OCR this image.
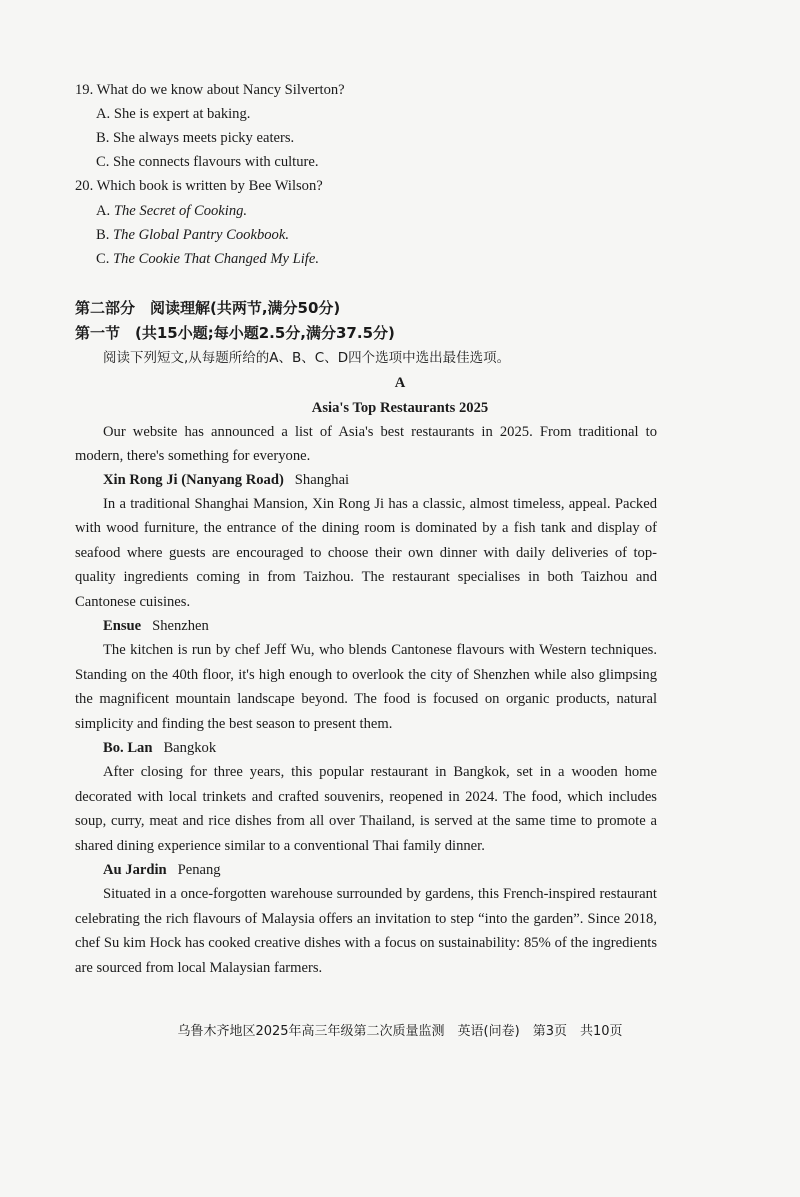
19. What do we know about Nancy Silverton?
A. She is expert at baking.
B. She always meets picky eaters.
C. She connects flavours with culture.
20. Which book is written by Bee Wilson?
A. The Secret of Cooking.
B. The Global Pantry Cookbook.
C. The Cookie That Changed My Life.
第二部分　阅读理解(共两节,满分50分)
第一节　(共15小题;每小题2.5分,满分37.5分)
阅读下列短文,从每题所给的A、B、C、D四个选项中选出最佳选项。
A
Asia's Top Restaurants 2025
Our website has announced a list of Asia's best restaurants in 2025. From traditional to
modern, there's something for everyone.
Xin Rong Ji (Nanyang Road) Shanghai
In a traditional Shanghai Mansion, Xin Rong Ji has a classic, almost timeless, appeal. Packed
with wood furniture, the entrance of the dining room is dominated by a fish tank and display of
seafood where guests are encouraged to choose their own dinner with daily deliveries of top-
quality ingredients coming in from Taizhou. The restaurant specialises in both Taizhou and
Cantonese cuisines.
Ensue Shenzhen
The kitchen is run by chef Jeff Wu, who blends Cantonese flavours with Western techniques.
Standing on the 40th floor, it's high enough to overlook the city of Shenzhen while also glimpsing
the magnificent mountain landscape beyond. The food is focused on organic products, natural
simplicity and finding the best season to present them.
Bo. Lan Bangkok
After closing for three years, this popular restaurant in Bangkok, set in a wooden home
decorated with local trinkets and crafted souvenirs, reopened in 2024. The food, which includes
soup, curry, meat and rice dishes from all over Thailand, is served at the same time to promote a
shared dining experience similar to a conventional Thai family dinner.
Au Jardin Penang
Situated in a once-forgotten warehouse surrounded by gardens, this French-inspired restaurant
celebrating the rich flavours of Malaysia offers an invitation to step “into the garden”. Since 2018,
chef Su kim Hock has cooked creative dishes with a focus on sustainability: 85% of the ingredients
are sourced from local Malaysian farmers.
乌鲁木齐地区2025年高三年级第二次质量监测　英语(问卷)　第3页　共10页
